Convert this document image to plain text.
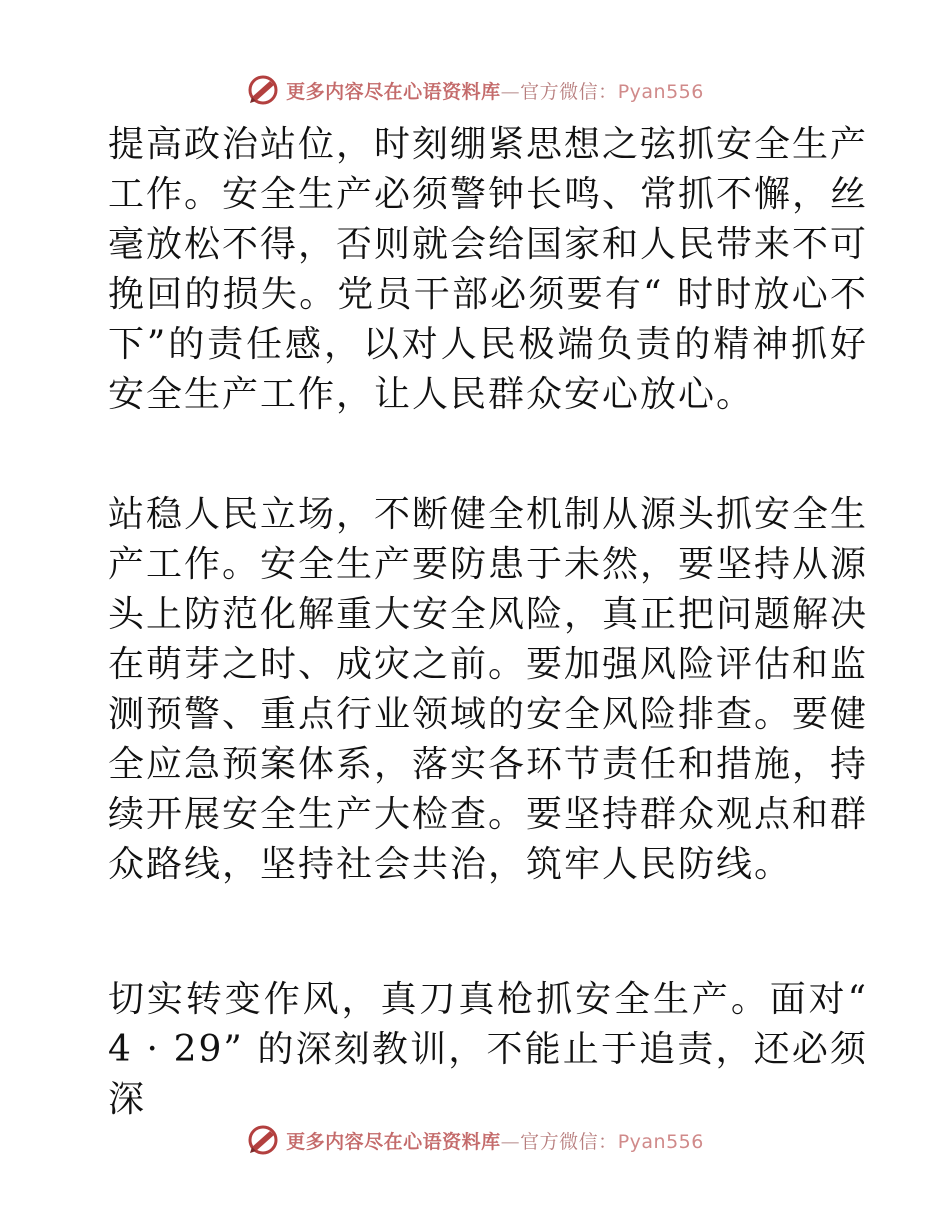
更多内容尽在心语资料库—官方微信：Pyan556

提高政治站位，时刻绷紧思想之弦抓安全生产工作。安全生产必须警钟长鸣、常抓不懈，丝毫放松不得，否则就会给国家和人民带来不可挽回的损失。党员干部必须要有“ 时时放心不下”的责任感，以对人民极端负责的精神抓好安全生产工作，让人民群众安心放心。

站稳人民立场，不断健全机制从源头抓安全生产工作。安全生产要防患于未然，要坚持从源头上防范化解重大安全风险，真正把问题解决在萌芽之时、成灾之前。要加强风险评估和监测预警、重点行业领域的安全风险排查。要健全应急预案体系，落实各环节责任和措施，持续开展安全生产大检查。要坚持群众观点和群众路线，坚持社会共治，筑牢人民防线。

切实转变作风，真刀真枪抓安全生产。面对“ 4 · 29” 的深刻教训，不能止于追责，还必须深

更多内容尽在心语资料库—官方微信：Pyan556
